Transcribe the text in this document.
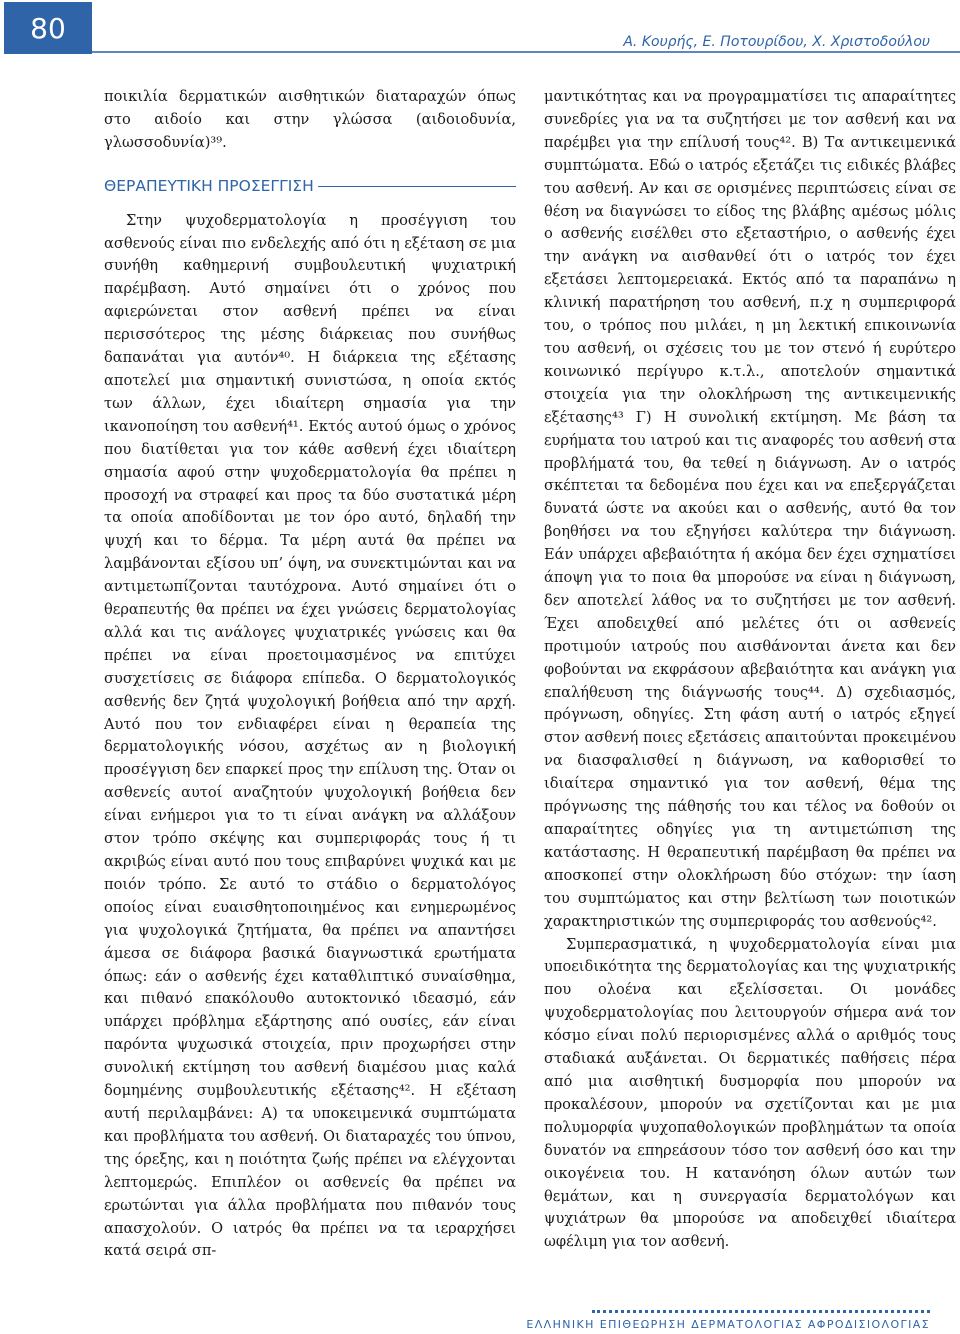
80	Α. Κουρής, Ε. Ποτουρίδου, Χ. Χριστοδούλου

ποικιλία δερματικών αισθητικών διαταραχών όπως στο αιδοίο και στην γλώσσα (αιδοιοδυνία, γλωσσοδυνία)³⁹.

ΘΕΡΑΠΕΥΤΙΚΗ ΠΡΟΣΕΓΓΙΣΗ

Στην ψυχοδερματολογία η προσέγγιση του ασθενούς είναι πιο ενδελεχής από ότι η εξέταση σε μια συνήθη καθημερινή συμβουλευτική ψυχιατρική παρέμβαση. Αυτό σημαίνει ότι ο χρόνος που αφιερώνεται στον ασθενή πρέπει να είναι περισσότερος της μέσης διάρκειας που συνήθως δαπανάται για αυτόν⁴⁰. Η διάρκεια της εξέτασης αποτελεί μια σημαντική συνιστώσα, η οποία εκτός των άλλων, έχει ιδιαίτερη σημασία για την ικανοποίηση του ασθενή⁴¹. Εκτός αυτού όμως ο χρόνος που διατίθεται για τον κάθε ασθενή έχει ιδιαίτερη σημασία αφού στην ψυχοδερματολογία θα πρέπει η προσοχή να στραφεί και προς τα δύο συστατικά μέρη τα οποία αποδίδονται με τον όρο αυτό, δηλαδή την ψυχή και το δέρμα. Τα μέρη αυτά θα πρέπει να λαμβάνονται εξίσου υπ’ όψη, να συνεκτιμώνται και να αντιμετωπίζονται ταυτόχρονα. Αυτό σημαίνει ότι ο θεραπευτής θα πρέπει να έχει γνώσεις δερματολογίας αλλά και τις ανάλογες ψυχιατρικές γνώσεις και θα πρέπει να είναι προετοιμασμένος να επιτύχει συσχετίσεις σε διάφορα επίπεδα. Ο δερματολογικός ασθενής δεν ζητά ψυχολογική βοήθεια από την αρχή. Αυτό που τον ενδιαφέρει είναι η θεραπεία της δερματολογικής νόσου, ασχέτως αν η βιολογική προσέγγιση δεν επαρκεί προς την επίλυση της. Όταν οι ασθενείς αυτοί αναζητούν ψυχολογική βοήθεια δεν είναι ενήμεροι για το τι είναι ανάγκη να αλλάξουν στον τρόπο σκέψης και συμπεριφοράς τους ή τι ακριβώς είναι αυτό που τους επιβαρύνει ψυχικά και με ποιόν τρόπο. Σε αυτό το στάδιο ο δερματολόγος οποίος είναι ευαισθητοποιημένος και ενημερωμένος για ψυχολογικά ζητήματα, θα πρέπει να απαντήσει άμεσα σε διάφορα βασικά διαγνωστικά ερωτήματα όπως: εάν ο ασθενής έχει καταθλιπτικό συναίσθημα, και πιθανό επακόλουθο αυτοκτονικό ιδεασμό, εάν υπάρχει πρόβλημα εξάρτησης από ουσίες, εάν είναι παρόντα ψυχωσικά στοιχεία, πριν προχωρήσει στην συνολική εκτίμηση του ασθενή διαμέσου μιας καλά δομημένης συμβουλευτικής εξέτασης⁴². Η εξέταση αυτή περιλαμβάνει: Α) τα υποκειμενικά συμπτώματα και προβλήματα του ασθενή. Οι διαταραχές του ύπνου, της όρεξης, και η ποιότητα ζωής πρέπει να ελέγχονται λεπτομερώς. Επιπλέον οι ασθενείς θα πρέπει να ερωτώνται για άλλα προβλήματα που πιθανόν τους απασχολούν. Ο ιατρός θα πρέπει να τα ιεραρχήσει κατά σειρά σπ-

μαντικότητας και να προγραμματίσει τις απαραίτητες συνεδρίες για να τα συζητήσει με τον ασθενή και να παρέμβει για την επίλυσή τους⁴². Β) Τα αντικειμενικά συμπτώματα. Εδώ ο ιατρός εξετάζει τις ειδικές βλάβες του ασθενή. Αν και σε ορισμένες περιπτώσεις είναι σε θέση να διαγνώσει το είδος της βλάβης αμέσως μόλις ο ασθενής εισέλθει στο εξεταστήριο, ο ασθενής έχει την ανάγκη να αισθανθεί ότι ο ιατρός τον έχει εξετάσει λεπτομερειακά. Εκτός από τα παραπάνω η κλινική παρατήρηση του ασθενή, π.χ η συμπεριφορά του, ο τρόπος που μιλάει, η μη λεκτική επικοινωνία του ασθενή, οι σχέσεις του με τον στενό ή ευρύτερο κοινωνικό περίγυρο κ.τ.λ., αποτελούν σημαντικά στοιχεία για την ολοκλήρωση της αντικειμενικής εξέτασης⁴³ Γ) Η συνολική εκτίμηση. Με βάση τα ευρήματα του ιατρού και τις αναφορές του ασθενή στα προβλήματά του, θα τεθεί η διάγνωση. Αν ο ιατρός σκέπτεται τα δεδομένα που έχει και να επεξεργάζεται δυνατά ώστε να ακούει και ο ασθενής, αυτό θα τον βοηθήσει να του εξηγήσει καλύτερα την διάγνωση. Εάν υπάρχει αβεβαιότητα ή ακόμα δεν έχει σχηματίσει άποψη για το ποια θα μπορούσε να είναι η διάγνωση, δεν αποτελεί λάθος να το συζητήσει με τον ασθενή. Έχει αποδειχθεί από μελέτες ότι οι ασθενείς προτιμούν ιατρούς που αισθάνονται άνετα και δεν φοβούνται να εκφράσουν αβεβαιότητα και ανάγκη για επαλήθευση της διάγνωσής τους⁴⁴. Δ) σχεδιασμός, πρόγνωση, οδηγίες. Στη φάση αυτή ο ιατρός εξηγεί στον ασθενή ποιες εξετάσεις απαιτούνται προκειμένου να διασφαλισθεί η διάγνωση, να καθορισθεί το ιδιαίτερα σημαντικό για τον ασθενή, θέμα της πρόγνωσης της πάθησής του και τέλος να δοθούν οι απαραίτητες οδηγίες για τη αντιμετώπιση της κατάστασης. Η θεραπευτική παρέμβαση θα πρέπει να αποσκοπεί στην ολοκλήρωση δύο στόχων: την ίαση του συμπτώματος και στην βελτίωση των ποιοτικών χαρακτηριστικών της συμπεριφοράς του ασθενούς⁴².

Συμπερασματικά, η ψυχοδερματολογία είναι μια υποειδικότητα της δερματολογίας και της ψυχιατρικής που ολοένα και εξελίσσεται. Οι μονάδες ψυχοδερματολογίας που λειτουργούν σήμερα ανά τον κόσμο είναι πολύ περιορισμένες αλλά ο αριθμός τους σταδιακά αυξάνεται. Οι δερματικές παθήσεις πέρα από μια αισθητική δυσμορφία που μπορούν να προκαλέσουν, μπορούν να σχετίζονται και με μια πολυμορφία ψυχοπαθολογικών προβλημάτων τα οποία δυνατόν να επηρεάσουν τόσο τον ασθενή όσο και την οικογένεια του. Η κατανόηση όλων αυτών των θεμάτων, και η συνεργασία δερματολόγων και ψυχιάτρων θα μπορούσε να αποδειχθεί ιδιαίτερα ωφέλιμη για τον ασθενή.

ΕΛΛΗΝΙΚΗ ΕΠΙΘΕΩΡΗΣΗ ΔΕΡΜΑΤΟΛΟΓΙΑΣ ΑΦΡΟΔΙΣΙΟΛΟΓΙΑΣ
